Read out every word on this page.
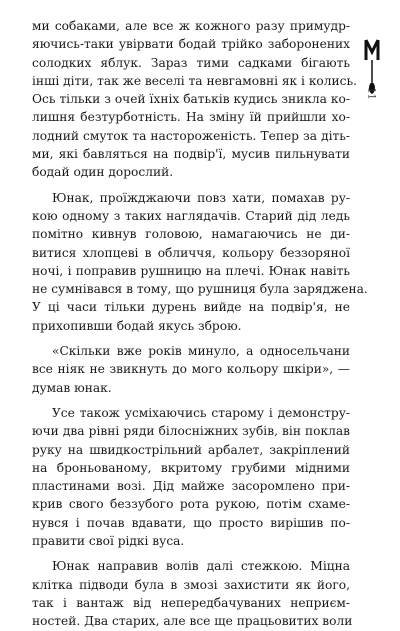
11
ми собаками, але все ж кожного разу примудр-
яючись-таки увірвати бодай трійко заборонених
солодких яблук. Зараз тими садками бігають
інші діти, так же веселі та невгамовні як і колись.
Ось тільки з очей їхніх батьків кудись зникла ко-
лишня безтурботність. На зміну їй прийшли хо-
лодний смуток та настороженість. Тепер за діть-
ми, які бавляться на подвір'ї, мусив пильнувати
бодай один дорослий.
Юнак, проїжджаючи повз хати, помахав ру-
кою одному з таких наглядачів. Старий дід ледь
помітно кивнув головою, намагаючись не ди-
витися хлопцеві в обличчя, кольору беззоряної
ночі, і поправив рушницю на плечі. Юнак навіть
не сумнівався в тому, що рушниця була заряджена.
У ці часи тільки дурень вийде на подвір'я, не
прихопивши бодай якусь зброю.
«Скільки вже років минуло, а односельчани
все ніяк не звикнуть до мого кольору шкіри», —
думав юнак.
Усе також усміхаючись старому і демонстру-
ючи два рівні ряди білосніжних зубів, він поклав
руку на швидкострільний арбалет, закріплений
на броньованому, вкритому грубими мідними
пластинами возі. Дід майже засоромлено при-
крив свого беззубого рота рукою, потім схаме-
нувся і почав вдавати, що просто вирішив по-
правити свої рідкі вуса.
Юнак направив волів далі стежкою. Міцна
клітка підводи була в змозі захистити як його,
так і вантаж від непередбачуваних неприєм-
ностей. Два старих, але все ще працьовитих воли
